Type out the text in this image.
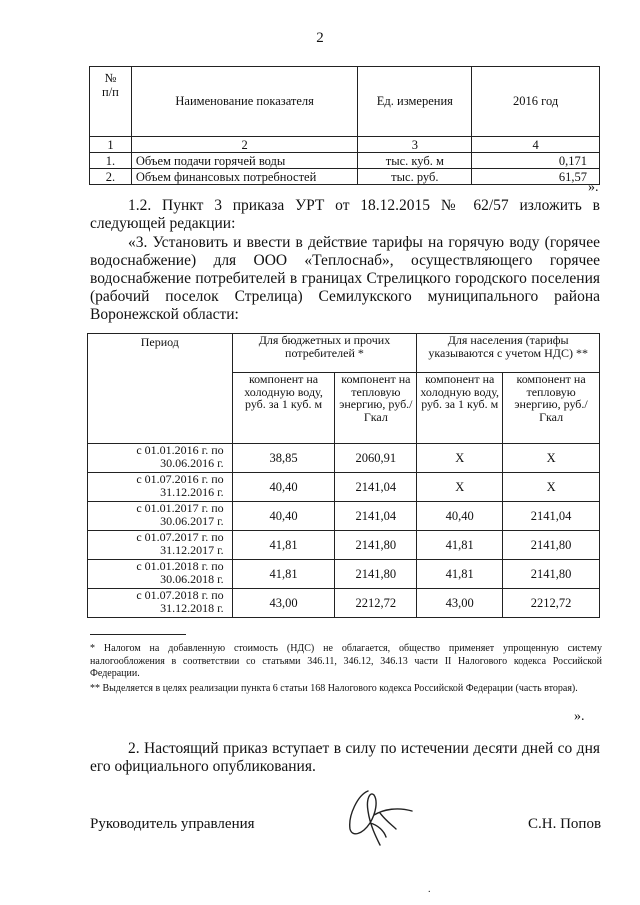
2
№
п/п	Наименование показателя	Ед. измерения	2016 год
1	2	3	4
1.	Объем подачи горячей воды	тыс. куб. м	0,171
2.	Объем финансовых потребностей	тыс. руб.	61,57
».
1.2. Пункт 3 приказа УРТ от 18.12.2015 № 62/57 изложить в следующей редакции:
«3. Установить и ввести в действие тарифы на горячую воду (горячее водоснабжение) для ООО «Теплоснаб», осуществляющего горячее водоснабжение потребителей в границах Стрелицкого городского поселения (рабочий поселок Стрелица) Семилукского муниципального района Воронежской области:
Период	Для бюджетных и прочих потребителей *		Для населения (тарифы указываются с учетом НДС) **	
	компонент на холодную воду, руб. за 1 куб. м	компонент на тепловую энергию, руб./Гкал	компонент на холодную воду, руб. за 1 куб. м	компонент на тепловую энергию, руб./Гкал
с 01.01.2016 г. по 30.06.2016 г.	38,85	2060,91	Х	Х
с 01.07.2016 г. по 31.12.2016 г.	40,40	2141,04	Х	Х
с 01.01.2017 г. по 30.06.2017 г.	40,40	2141,04	40,40	2141,04
с 01.07.2017 г. по 31.12.2017 г.	41,81	2141,80	41,81	2141,80
с 01.01.2018 г. по 30.06.2018 г.	41,81	2141,80	41,81	2141,80
с 01.07.2018 г. по 31.12.2018 г.	43,00	2212,72	43,00	2212,72
* Налогом на добавленную стоимость (НДС) не облагается, общество применяет упрощенную систему налогообложения в соответствии со статьями 346.11, 346.12, 346.13 части II Налогового кодекса Российской Федерации.
** Выделяется в целях реализации пункта 6 статьи 168 Налогового кодекса Российской Федерации (часть вторая).
».
2. Настоящий приказ вступает в силу по истечении десяти дней со дня его официального опубликования.
Руководитель управления	С.Н. Попов
.
